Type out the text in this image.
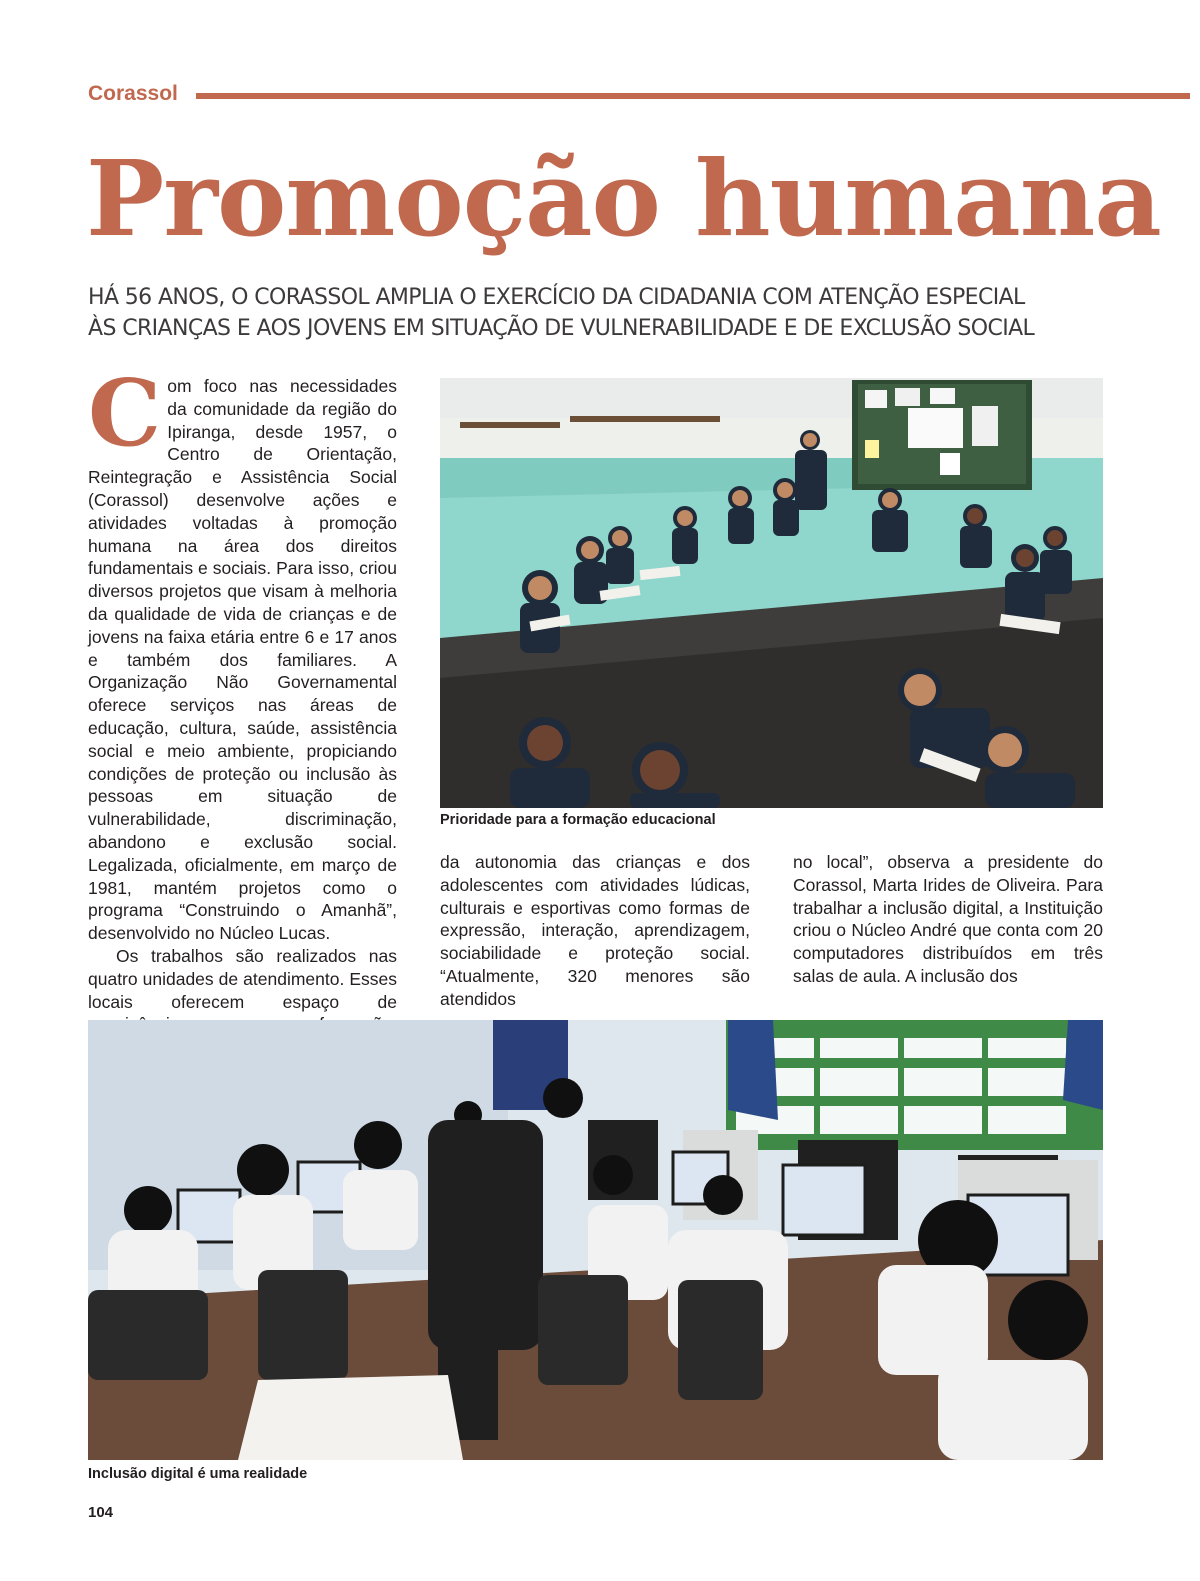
Corassol
Promoção humana

HÁ 56 ANOS, O CORASSOL AMPLIA O EXERCÍCIO DA CIDADANIA COM ATENÇÃO ESPECIAL

ÀS CRIANÇAS E AOS JOVENS EM SITUAÇÃO DE VULNERABILIDADE E DE EXCLUSÃO SOCIAL

Com foco nas necessidades da comunidade da região do Ipiranga, desde 1957, o Centro de Orientação, Reintegração e Assistência Social (Corassol) desenvolve ações e atividades voltadas à promoção humana na área dos direitos fundamentais e sociais. Para isso, criou diversos projetos que visam à melhoria da qualidade de vida de crianças e de jovens na faixa etária entre 6 e 17 anos e também dos familiares. A Organização Não Governamental oferece serviços nas áreas de educação, cultura, saúde, assistência social e meio ambiente, propiciando condições de proteção ou inclusão às pessoas em situação de vulnerabilidade, discriminação, abandono e exclusão social. Legalizada, oficialmente, em março de 1981, mantém projetos como o programa “Construindo o Amanhã”, desenvolvido no Núcleo Lucas.

Os trabalhos são realizados nas quatro unidades de atendimento. Esses locais oferecem espaço de

Prioridade para a formação educacional

da autonomia das crianças e dos adolescentes com atividades lúdicas, culturais e esportivas como formas de expressão, interação, aprendizagem, sociabilidade e proteção social. “Atualmente, 320 menores são atendidos

no local”, observa a presidente do Corassol, Marta Irides de Oliveira. Para trabalhar a inclusão digital, a Instituição criou o Núcleo André que conta com 20 computadores distribuídos em três salas de aula. A inclusão dos

Inclusão digital é uma realidade
104
